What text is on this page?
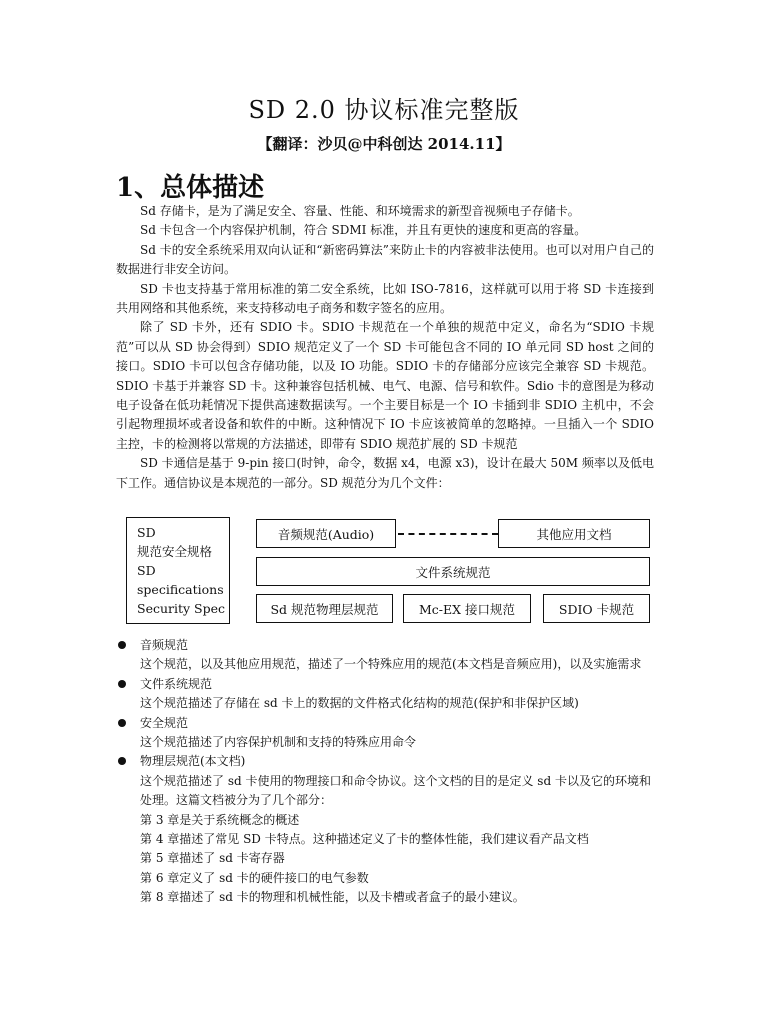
SD 2.0 协议标准完整版
【翻译：沙贝@中科创达 2014.11】
1、总体描述

Sd 存储卡，是为了满足安全、容量、性能、和环境需求的新型音视频电子存储卡。

Sd 卡包含一个内容保护机制，符合 SDMI 标准，并且有更快的速度和更高的容量。

Sd 卡的安全系统采用双向认证和“新密码算法”来防止卡的内容被非法使用。也可以对用户自己的数据进行非安全访问。

SD 卡也支持基于常用标准的第二安全系统，比如 ISO-7816，这样就可以用于将 SD 卡连接到共用网络和其他系统，来支持移动电子商务和数字签名的应用。

除了 SD 卡外，还有 SDIO 卡。SDIO 卡规范在一个单独的规范中定义，命名为“SDIO 卡规范”可以从 SD 协会得到）SDIO 规范定义了一个 SD 卡可能包含不同的 IO 单元同 SD host 之间的接口。SDIO 卡可以包含存储功能，以及 IO 功能。SDIO 卡的存储部分应该完全兼容 SD 卡规范。SDIO 卡基于并兼容 SD 卡。这种兼容包括机械、电气、电源、信号和软件。Sdio 卡的意图是为移动电子设备在低功耗情况下提供高速数据读写。一个主要目标是一个 IO 卡插到非 SDIO 主机中，不会引起物理损坏或者设备和软件的中断。这种情况下 IO 卡应该被简单的忽略掉。一旦插入一个 SDIO 主控，卡的检测将以常规的方法描述，即带有 SDIO 规范扩展的 SD 卡规范

SD 卡通信是基于 9-pin 接口(时钟，命令，数据 x4，电源 x3)，设计在最大 50M 频率以及低电下工作。通信协议是本规范的一部分。SD 规范分为几个文件：

SD
规范安全规格
SD
specifications
Security Spec
音频规范(Audio)	其他应用文档
文件系统规范
Sd 规范物理层规范	Mc-EX 接口规范	SDIO 卡规范
音频规范
这个规范，以及其他应用规范，描述了一个特殊应用的规范(本文档是音频应用)，以及实施需求
文件系统规范
这个规范描述了存储在 sd 卡上的数据的文件格式化结构的规范(保护和非保护区域)
安全规范
这个规范描述了内容保护机制和支持的特殊应用命令
物理层规范(本文档)
这个规范描述了 sd 卡使用的物理接口和命令协议。这个文档的目的是定义 sd 卡以及它的环境和处理。这篇文档被分为了几个部分：
第 3 章是关于系统概念的概述
第 4 章描述了常见 SD 卡特点。这种描述定义了卡的整体性能，我们建议看产品文档
第 5 章描述了 sd 卡寄存器
第 6 章定义了 sd 卡的硬件接口的电气参数
第 8 章描述了 sd 卡的物理和机械性能，以及卡槽或者盒子的最小建议。
